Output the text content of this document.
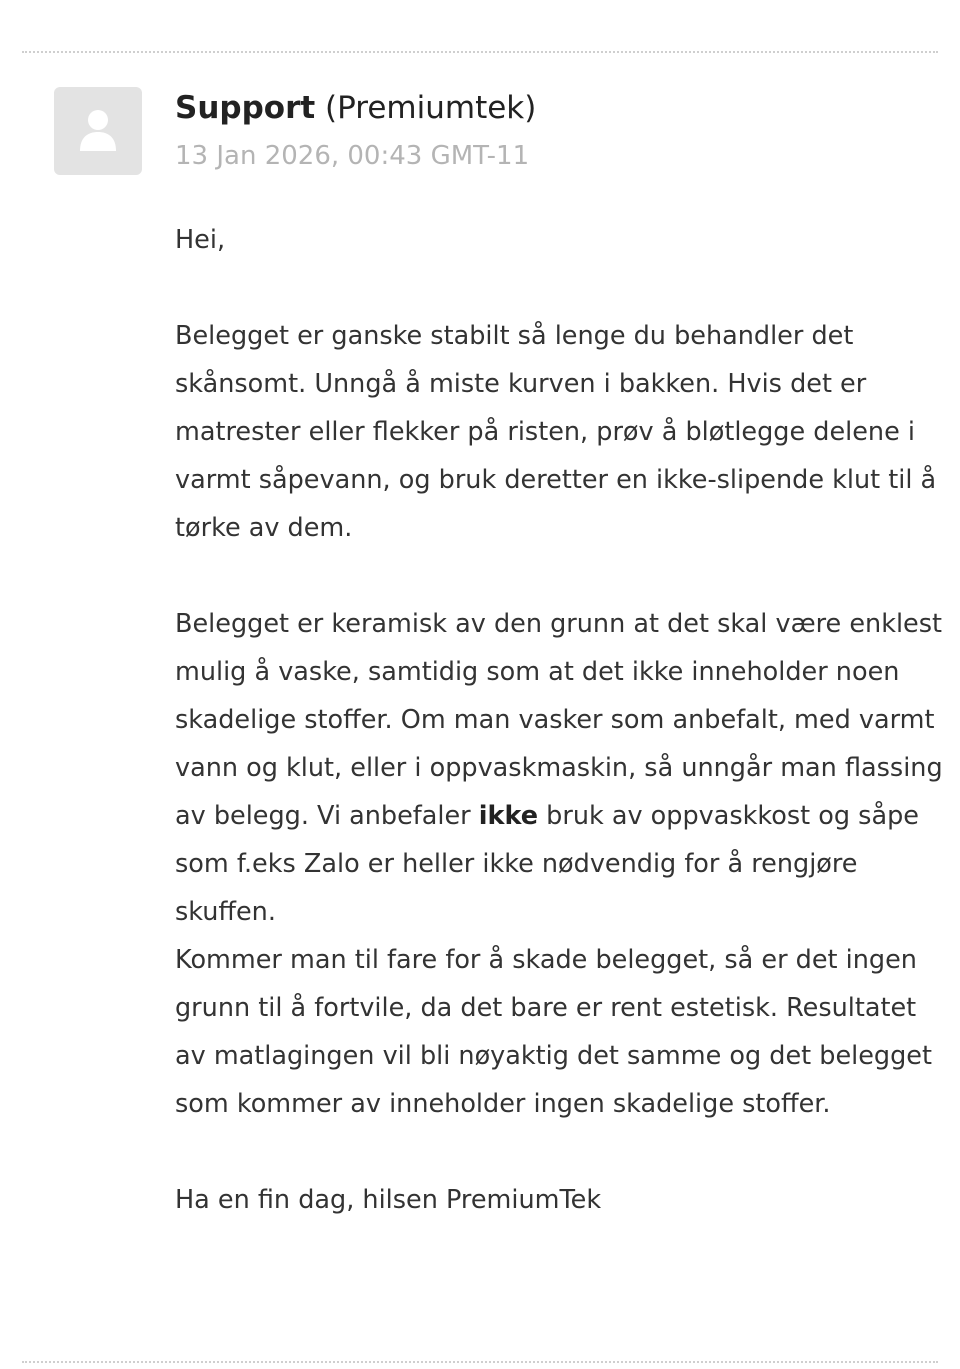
Support (Premiumtek)
13 Jan 2026, 00:43 GMT-11

Hei,

Belegget er ganske stabilt så lenge du behandler det skånsomt. Unngå å miste kurven i bakken. Hvis det er matrester eller flekker på risten, prøv å bløtlegge delene i varmt såpevann, og bruk deretter en ikke-slipende klut til å tørke av dem.

Belegget er keramisk av den grunn at det skal være enklest mulig å vaske, samtidig som at det ikke inneholder noen skadelige stoffer. Om man vasker som anbefalt, med varmt vann og klut, eller i oppvaskmaskin, så unngår man flassing av belegg. Vi anbefaler ikke bruk av oppvaskkost og såpe som f.eks Zalo er heller ikke nødvendig for å rengjøre skuffen.

Kommer man til fare for å skade belegget, så er det ingen grunn til å fortvile, da det bare er rent estetisk. Resultatet av matlagingen vil bli nøyaktig det samme og det belegget som kommer av inneholder ingen skadelige stoffer.

Ha en fin dag, hilsen PremiumTek
